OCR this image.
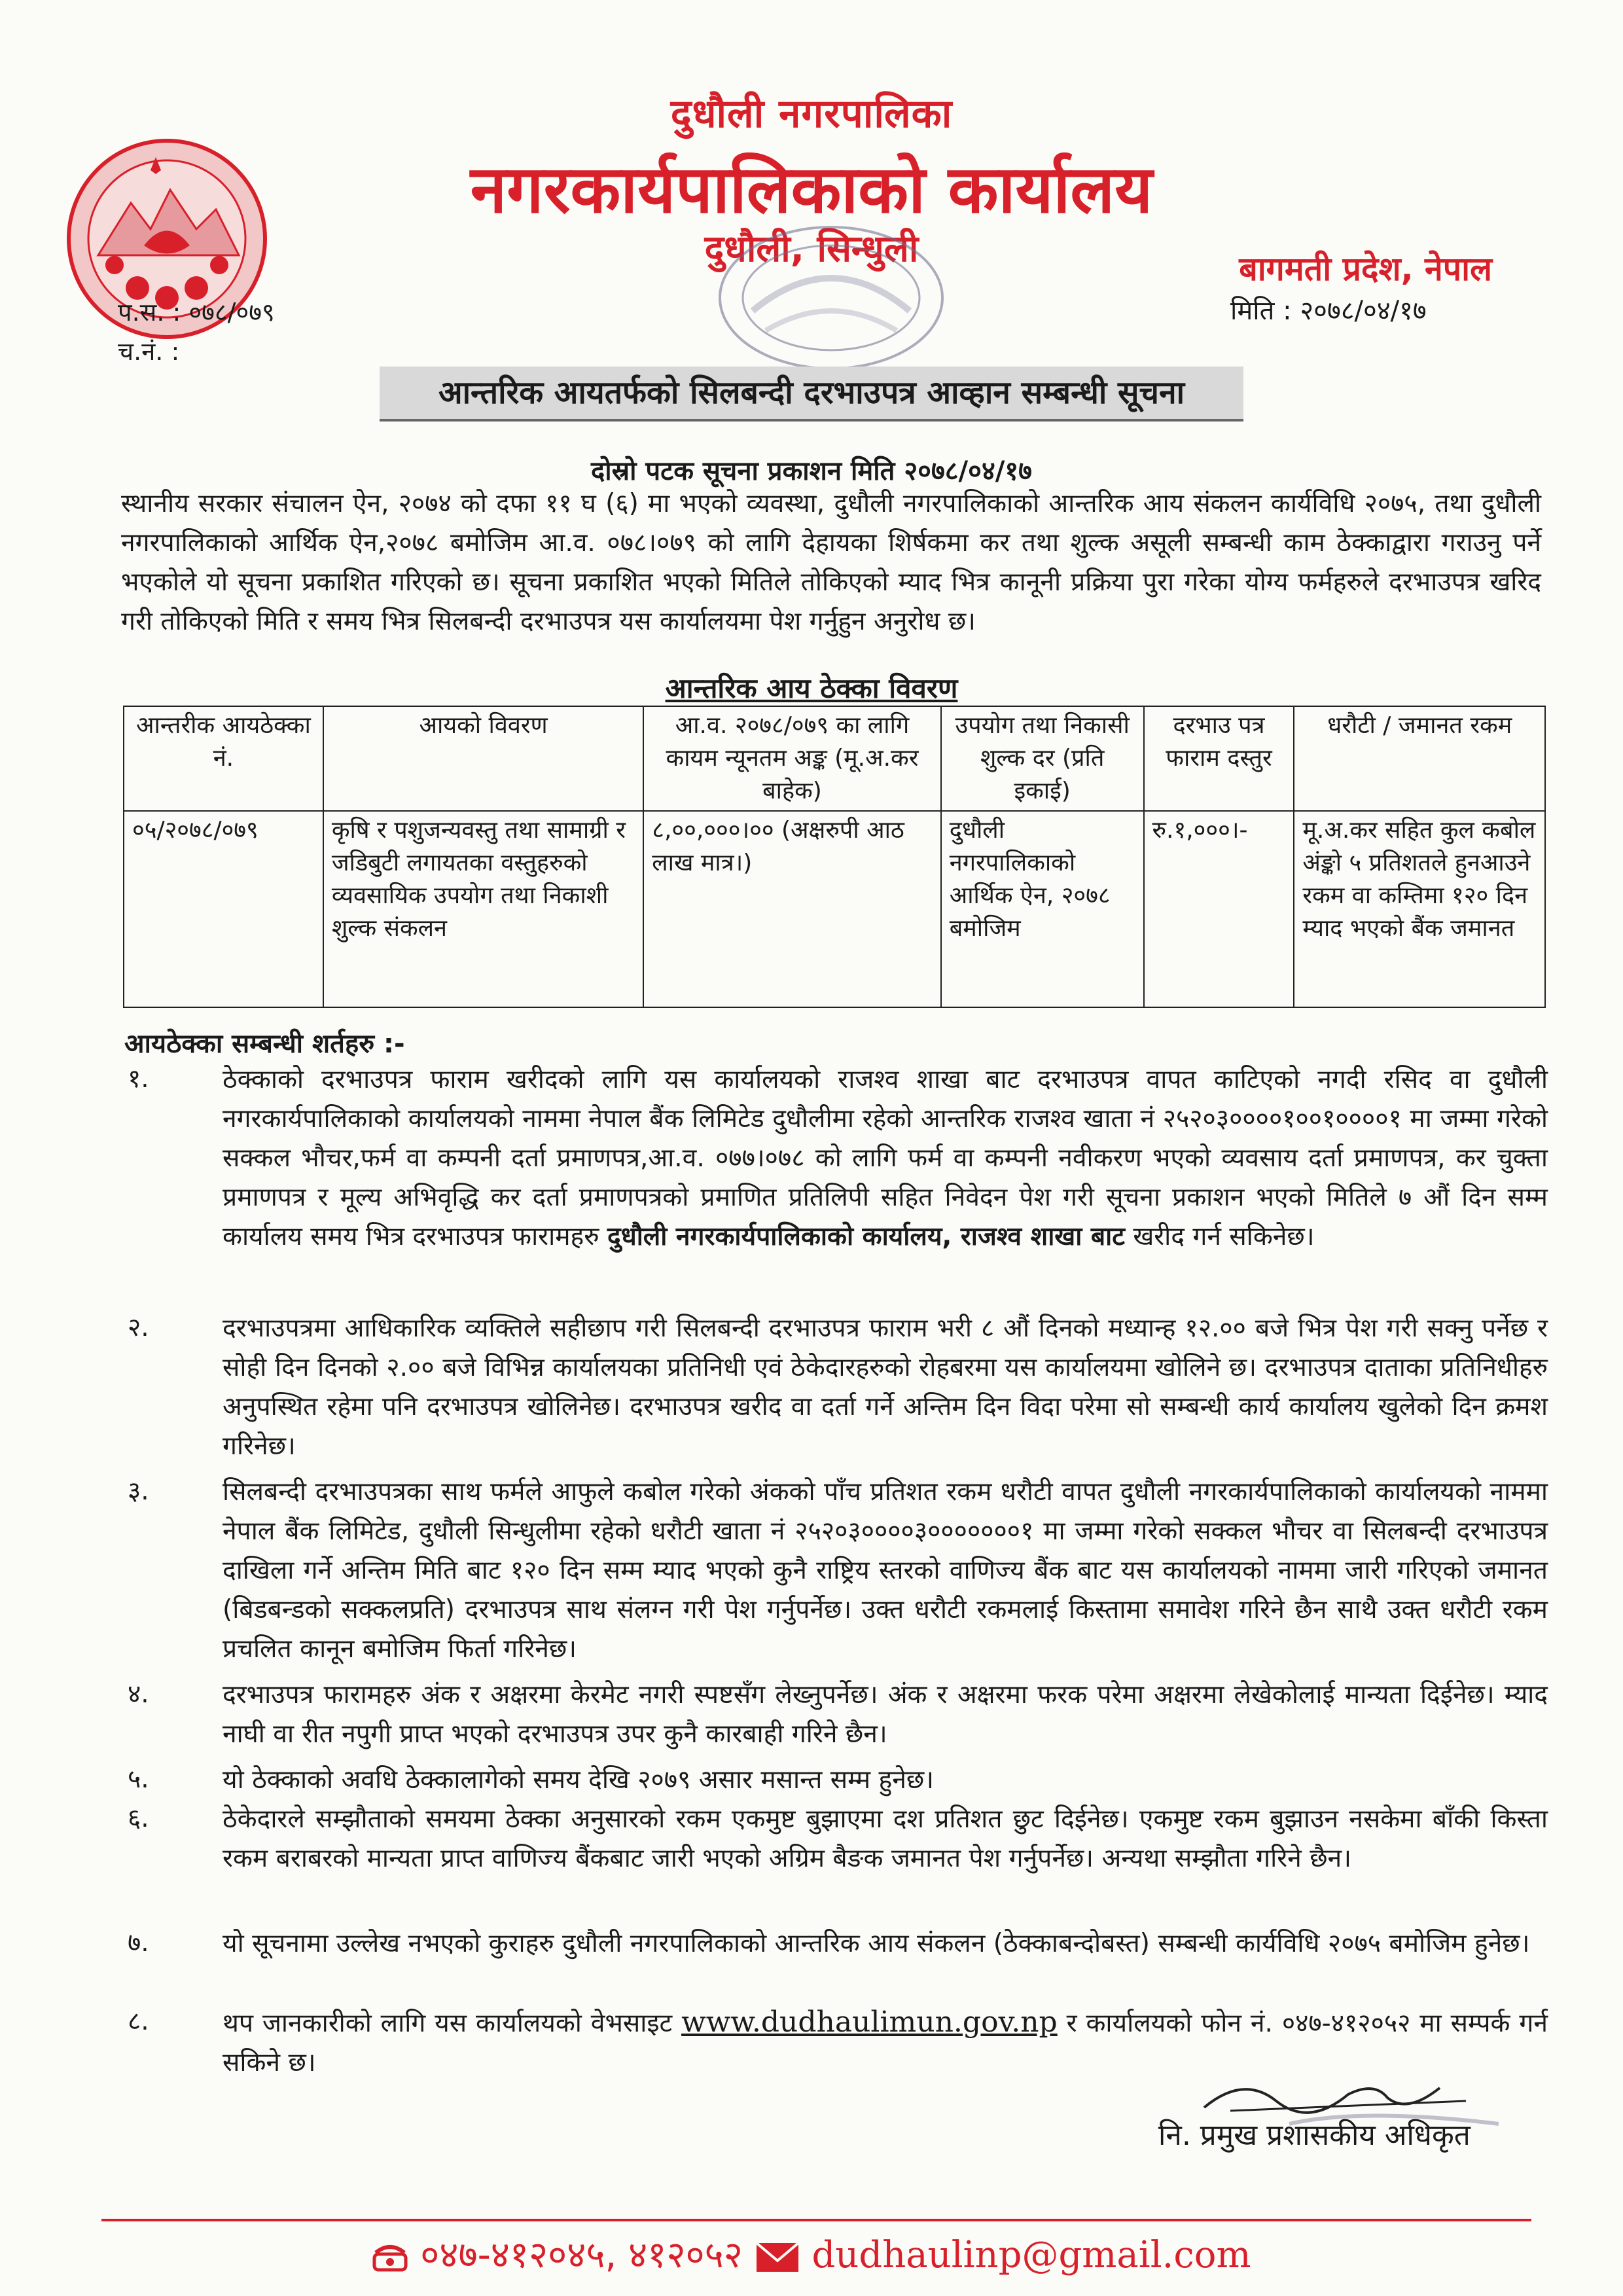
दुधौली नगरपालिका
नगरकार्यपालिकाको कार्यालय
दुधौली, सिन्धुली	बागमती प्रदेश, नेपाल
प.स. : ०७८/०७९
च.नं. :
मिति : २०७८/०४/१७
आन्तरिक आयतर्फको सिलबन्दी दरभाउपत्र आव्हान सम्बन्धी सूचना
दोस्रो पटक सूचना प्रकाशन मिति २०७८/०४/१७
स्थानीय सरकार संचालन ऐन, २०७४ को दफा ११ घ (६) मा भएको व्यवस्था, दुधौली नगरपालिकाको आन्तरिक आय संकलन कार्यविधि २०७५, तथा दुधौली नगरपालिकाको आर्थिक ऐन,२०७८ बमोजिम आ.व. ०७८।०७९ को लागि देहायका शिर्षकमा कर तथा शुल्क असूली सम्बन्धी काम ठेक्काद्वारा गराउनु पर्ने भएकोले यो सूचना प्रकाशित गरिएको छ। सूचना प्रकाशित भएको मितिले तोकिएको म्याद भित्र कानूनी प्रक्रिया पुरा गरेका योग्य फर्महरुले दरभाउपत्र खरिद गरी तोकिएको मिति र समय भित्र सिलबन्दी दरभाउपत्र यस कार्यालयमा पेश गर्नुहुन अनुरोध छ।
आन्तरिक आय ठेक्का विवरण
आन्तरीक आयठेक्का नं.	आयको विवरण	आ.व. २०७८/०७९ का लागि कायम न्यूनतम अङ्क (मू.अ.कर बाहेक)	उपयोग तथा निकासी शुल्क दर (प्रति इकाई)	दरभाउ पत्र फाराम दस्तुर	धरौटी / जमानत रकम
०५/२०७८/०७९	कृषि र पशुजन्यवस्तु तथा सामाग्री र जडिबुटी लगायतका वस्तुहरुको व्यवसायिक उपयोग तथा निकाशी शुल्क संकलन	८,००,०००।०० (अक्षरुपी आठ लाख मात्र।)	दुधौली नगरपालिकाको आर्थिक ऐन, २०७८ बमोजिम	रु.१,०००।-	मू.अ.कर सहित कुल कबोल अंङ्को ५ प्रतिशतले हुनआउने रकम वा कम्तिमा १२० दिन म्याद भएको बैंक जमानत
आयठेक्का सम्बन्धी शर्तहरु :-
१.	ठेक्काको दरभाउपत्र फाराम खरीदको लागि यस कार्यालयको राजश्व शाखा बाट दरभाउपत्र वापत काटिएको नगदी रसिद वा दुधौली नगरकार्यपालिकाको कार्यालयको नाममा नेपाल बैंक लिमिटेड दुधौलीमा रहेको आन्तरिक राजश्व खाता नं २५२०३००००१००१००००१ मा जम्मा गरेको सक्कल भौचर,फर्म वा कम्पनी दर्ता प्रमाणपत्र,आ.व. ०७७।०७८ को लागि फर्म वा कम्पनी नवीकरण भएको व्यवसाय दर्ता प्रमाणपत्र, कर चुक्ता प्रमाणपत्र र मूल्य अभिवृद्धि कर दर्ता प्रमाणपत्रको प्रमाणित प्रतिलिपी सहित निवेदन पेश गरी सूचना प्रकाशन भएको मितिले ७ औं दिन सम्म कार्यालय समय भित्र दरभाउपत्र फारामहरु दुधौली नगरकार्यपालिकाको कार्यालय, राजश्व शाखा बाट खरीद गर्न सकिनेछ।
२.	दरभाउपत्रमा आधिकारिक व्यक्तिले सहीछाप गरी सिलबन्दी दरभाउपत्र फाराम भरी ८ औं दिनको मध्यान्ह १२.०० बजे भित्र पेश गरी सक्नु पर्नेछ र सोही दिन दिनको २.०० बजे विभिन्न कार्यालयका प्रतिनिधी एवं ठेकेदारहरुको रोहबरमा यस कार्यालयमा खोलिने छ। दरभाउपत्र दाताका प्रतिनिधीहरु अनुपस्थित रहेमा पनि दरभाउपत्र खोलिनेछ। दरभाउपत्र खरीद वा दर्ता गर्ने अन्तिम दिन विदा परेमा सो सम्बन्धी कार्य कार्यालय खुलेको दिन क्रमश गरिनेछ।
३.	सिलबन्दी दरभाउपत्रका साथ फर्मले आफुले कबोल गरेको अंकको पाँच प्रतिशत रकम धरौटी वापत दुधौली नगरकार्यपालिकाको कार्यालयको नाममा नेपाल बैंक लिमिटेड, दुधौली सिन्धुलीमा रहेको धरौटी खाता नं २५२०३००००३०००००००१ मा जम्मा गरेको सक्कल भौचर वा सिलबन्दी दरभाउपत्र दाखिला गर्ने अन्तिम मिति बाट १२० दिन सम्म म्याद भएको कुनै राष्ट्रिय स्तरको वाणिज्य बैंक बाट यस कार्यालयको नाममा जारी गरिएको जमानत (बिडबन्डको सक्कलप्रति) दरभाउपत्र साथ संलग्न गरी पेश गर्नुपर्नेछ। उक्त धरौटी रकमलाई किस्तामा समावेश गरिने छैन साथै उक्त धरौटी रकम प्रचलित कानून बमोजिम फिर्ता गरिनेछ।
४.	दरभाउपत्र फारामहरु अंक र अक्षरमा केरमेट नगरी स्पष्टसँग लेख्नुपर्नेछ। अंक र अक्षरमा फरक परेमा अक्षरमा लेखेकोलाई मान्यता दिईनेछ। म्याद नाघी वा रीत नपुगी प्राप्त भएको दरभाउपत्र उपर कुनै कारबाही गरिने छैन।
५.	यो ठेक्काको अवधि ठेक्कालागेको समय देखि २०७९ असार मसान्त सम्म हुनेछ।
६.	ठेकेदारले सम्झौताको समयमा ठेक्का अनुसारको रकम एकमुष्ट बुझाएमा दश प्रतिशत छुट दिईनेछ। एकमुष्ट रकम बुझाउन नसकेमा बाँकी किस्ता रकम बराबरको मान्यता प्राप्त वाणिज्य बैंकबाट जारी भएको अग्रिम बैङक जमानत पेश गर्नुपर्नेछ। अन्यथा सम्झौता गरिने छैन।
७.	यो सूचनामा उल्लेख नभएको कुराहरु दुधौली नगरपालिकाको आन्तरिक आय संकलन (ठेक्काबन्दोबस्त) सम्बन्धी कार्यविधि २०७५ बमोजिम हुनेछ।
८.	थप जानकारीको लागि यस कार्यालयको वेभसाइट www.dudhaulimun.gov.np र कार्यालयको फोन नं. ०४७-४१२०५२ मा सम्पर्क गर्न सकिने छ।
नि. प्रमुख प्रशासकीय अधिकृत
०४७-४१२०४५, ४१२०५२ dudhaulinp@gmail.com
